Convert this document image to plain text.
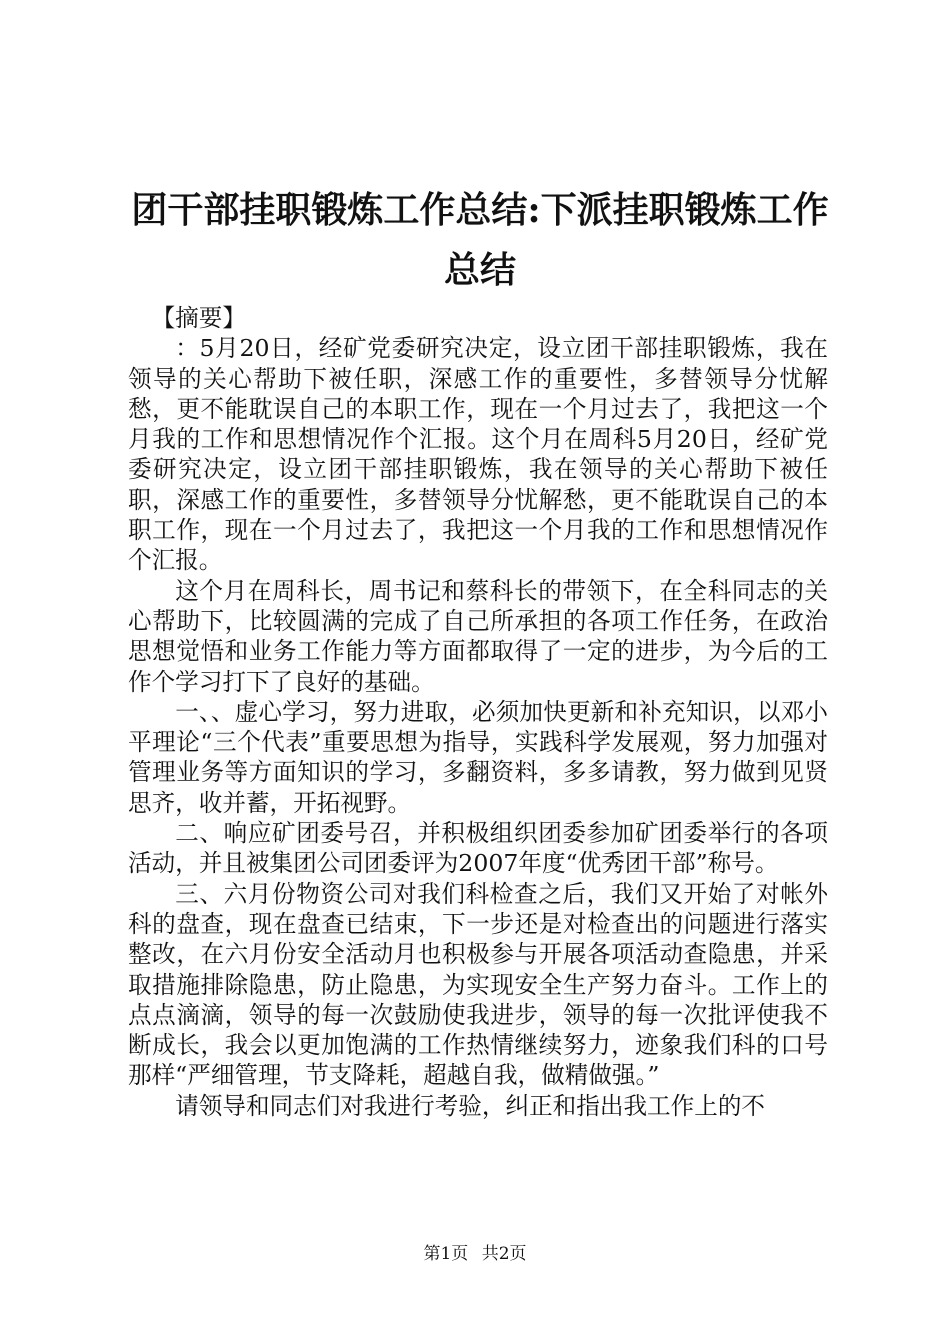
团干部挂职锻炼工作总结:下派挂职锻炼工作
总结

【摘要】

：5月20日，经矿党委研究决定，设立团干部挂职锻炼，我在领导的关心帮助下被任职，深感工作的重要性，多替领导分忧解愁，更不能耽误自己的本职工作，现在一个月过去了，我把这一个月我的工作和思想情况作个汇报。这个月在周科5月20日，经矿党委研究决定，设立团干部挂职锻炼，我在领导的关心帮助下被任职，深感工作的重要性，多替领导分忧解愁，更不能耽误自己的本职工作，现在一个月过去了，我把这一个月我的工作和思想情况作个汇报。

这个月在周科长，周书记和蔡科长的带领下，在全科同志的关心帮助下，比较圆满的完成了自己所承担的各项工作任务，在政治思想觉悟和业务工作能力等方面都取得了一定的进步，为今后的工作个学习打下了良好的基础。

一、、虚心学习，努力进取，必须加快更新和补充知识，以邓小平理论“三个代表”重要思想为指导，实践科学发展观，努力加强对管理业务等方面知识的学习，多翻资料，多多请教，努力做到见贤思齐，收并蓄，开拓视野。

二、响应矿团委号召，并积极组织团委参加矿团委举行的各项活动，并且被集团公司团委评为2007年度“优秀团干部”称号。

三、六月份物资公司对我们科检查之后，我们又开始了对帐外科的盘查，现在盘查已结束，下一步还是对检查出的问题进行落实整改，在六月份安全活动月也积极参与开展各项活动查隐患，并采取措施排除隐患，防止隐患，为实现安全生产努力奋斗。工作上的点点滴滴，领导的每一次鼓励使我进步，领导的每一次批评使我不断成长，我会以更加饱满的工作热情继续努力，迹象我们科的口号那样“严细管理，节支降耗，超越自我，做精做强。”

请领导和同志们对我进行考验，纠正和指出我工作上的不

第1页 共2页
